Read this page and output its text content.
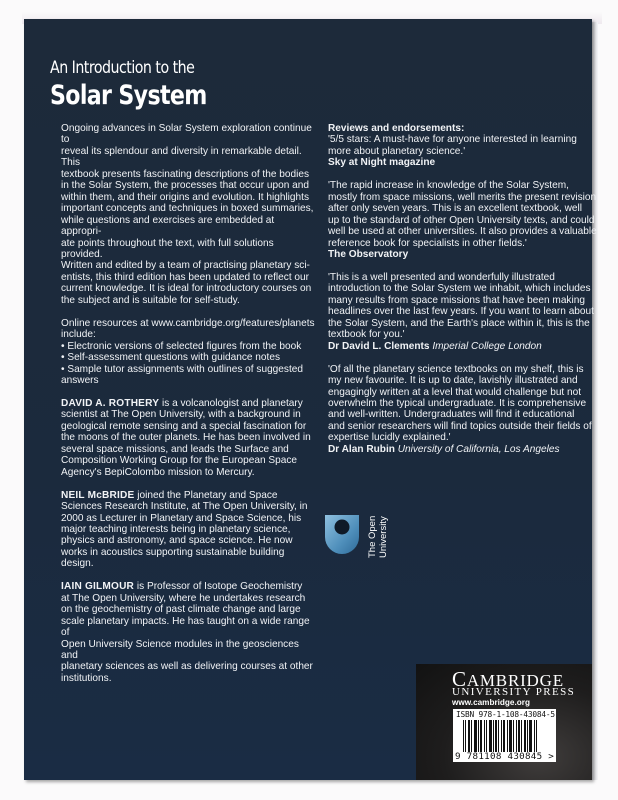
An Introduction to the
Solar System

Ongoing advances in Solar System exploration continue to

reveal its splendour and diversity in remarkable detail. This

textbook presents fascinating descriptions of the bodies

in the Solar System, the processes that occur upon and

within them, and their origins and evolution. It highlights

important concepts and techniques in boxed summaries,

while questions and exercises are embedded at appropri-

ate points throughout the text, with full solutions provided.

Written and edited by a team of practising planetary sci-

entists, this third edition has been updated to reflect our

current knowledge. It is ideal for introductory courses on

the subject and is suitable for self-study.

Online resources at www.cambridge.org/features/planets

include:

• Electronic versions of selected figures from the book

• Self-assessment questions with guidance notes

• Sample tutor assignments with outlines of suggested

answers

DAVID A. ROTHERY is a volcanologist and planetary

scientist at The Open University, with a background in

geological remote sensing and a special fascination for

the moons of the outer planets. He has been involved in

several space missions, and leads the Surface and

Composition Working Group for the European Space

Agency's BepiColombo mission to Mercury.

NEIL McBRIDE joined the Planetary and Space

Sciences Research Institute, at The Open University, in

2000 as Lecturer in Planetary and Space Science, his

major teaching interests being in planetary science,

physics and astronomy, and space science. He now

works in acoustics supporting sustainable building design.

IAIN GILMOUR is Professor of Isotope Geochemistry

at The Open University, where he undertakes research

on the geochemistry of past climate change and large

scale planetary impacts. He has taught on a wide range of

Open University Science modules in the geosciences and

planetary sciences as well as delivering courses at other

institutions.

Reviews and endorsements:

'5/5 stars: A must-have for anyone interested in learning

more about planetary science.'

Sky at Night magazine

'The rapid increase in knowledge of the Solar System,

mostly from space missions, well merits the present revision

after only seven years. This is an excellent textbook, well

up to the standard of other Open University texts, and could

well be used at other universities. It also provides a valuable

reference book for specialists in other fields.'

The Observatory

'This is a well presented and wonderfully illustrated

introduction to the Solar System we inhabit, which includes

many results from space missions that have been making

headlines over the last few years. If you want to learn about

the Solar System, and the Earth's place within it, this is the

textbook for you.'

Dr David L. Clements Imperial College London

'Of all the planetary science textbooks on my shelf, this is

my new favourite. It is up to date, lavishly illustrated and

engagingly written at a level that would challenge but not

overwhelm the typical undergraduate. It is comprehensive

and well-written. Undergraduates will find it educational

and senior researchers will find topics outside their fields of

expertise lucidly explained.'

Dr Alan Rubin University of California, Los Angeles

The Open University
CAMBRIDGE
UNIVERSITY PRESS
www.cambridge.org
ISBN 978-1-108-43084-5
9 781108 430845 >
